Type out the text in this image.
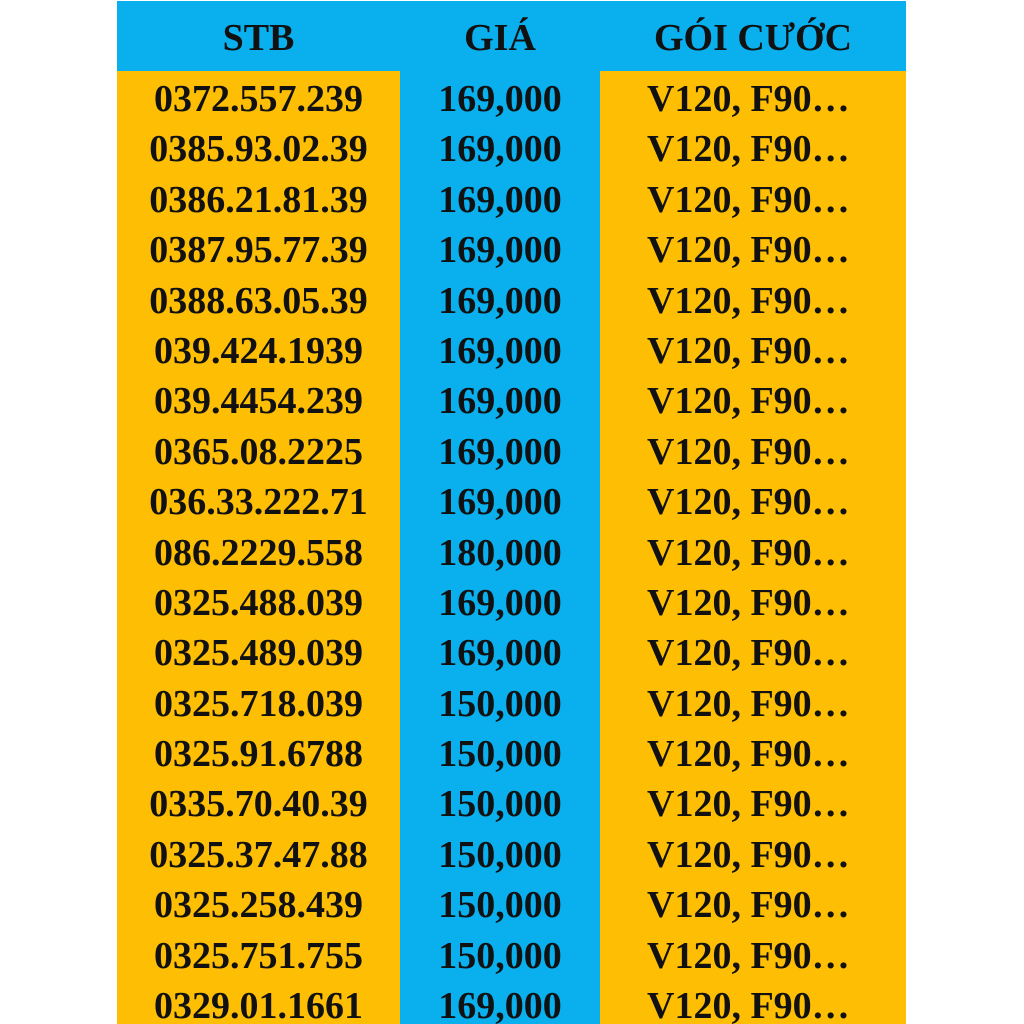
STB	GIÁ	GÓI CƯỚC
0372.557.239	169,000	V120, F90…
0385.93.02.39	169,000	V120, F90…
0386.21.81.39	169,000	V120, F90…
0387.95.77.39	169,000	V120, F90…
0388.63.05.39	169,000	V120, F90…
039.424.1939	169,000	V120, F90…
039.4454.239	169,000	V120, F90…
0365.08.2225	169,000	V120, F90…
036.33.222.71	169,000	V120, F90…
086.2229.558	180,000	V120, F90…
0325.488.039	169,000	V120, F90…
0325.489.039	169,000	V120, F90…
0325.718.039	150,000	V120, F90…
0325.91.6788	150,000	V120, F90…
0335.70.40.39	150,000	V120, F90…
0325.37.47.88	150,000	V120, F90…
0325.258.439	150,000	V120, F90…
0325.751.755	150,000	V120, F90…
0329.01.1661	169,000	V120, F90…
